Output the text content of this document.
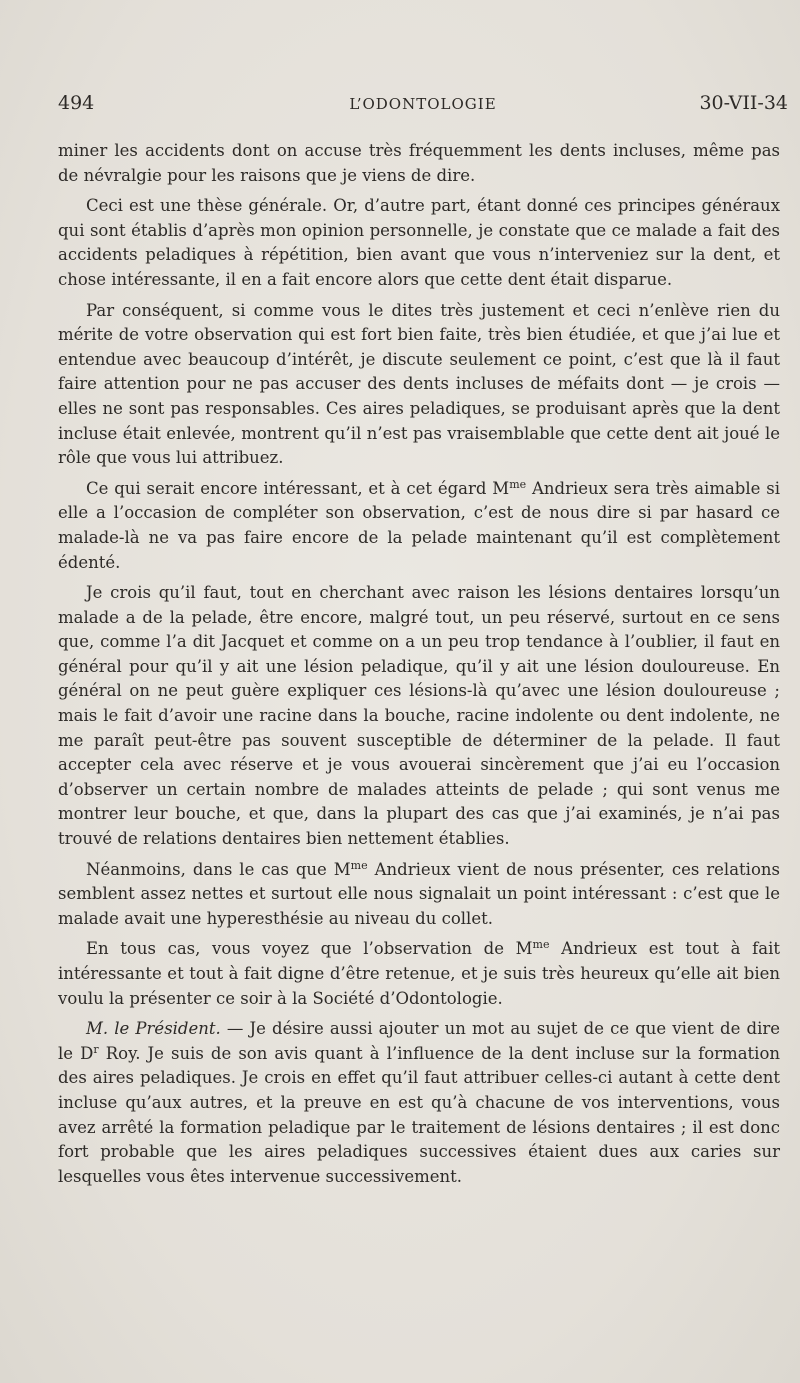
494	L’ODONTOLOGIE	30-VII-34

miner les accidents dont on accuse très fréquemment les dents incluses, même pas de névralgie pour les raisons que je viens de dire.

Ceci est une thèse générale. Or, d’autre part, étant donné ces principes généraux qui sont établis d’après mon opinion personnelle, je constate que ce malade a fait des accidents peladiques à répétition, bien avant que vous n’interveniez sur la dent, et chose intéressante, il en a fait encore alors que cette dent était disparue.

Par conséquent, si comme vous le dites très justement et ceci n’enlève rien du mérite de votre observation qui est fort bien faite, très bien étudiée, et que j’ai lue et entendue avec beaucoup d’intérêt, je discute seulement ce point, c’est que là il faut faire attention pour ne pas accuser des dents incluses de méfaits dont — je crois — elles ne sont pas responsables. Ces aires peladiques, se produisant après que la dent incluse était enlevée, montrent qu’il n’est pas vraisemblable que cette dent ait joué le rôle que vous lui attribuez.

Ce qui serait encore intéressant, et à cet égard $M^{me}$ Andrieux sera très aimable si elle a l’occasion de compléter son observation, c’est de nous dire si par hasard ce malade-là ne va pas faire encore de la pelade maintenant qu’il est complètement édenté.

Je crois qu’il faut, tout en cherchant avec raison les lésions dentaires lorsqu’un malade a de la pelade, être encore, malgré tout, un peu réservé, surtout en ce sens que, comme l’a dit Jacquet et comme on a un peu trop tendance à l’oublier, il faut en général pour qu’il y ait une lésion peladique, qu’il y ait une lésion douloureuse. En général on ne peut guère expliquer ces lésions-là qu’avec une lésion douloureuse ; mais le fait d’avoir une racine dans la bouche, racine indolente ou dent indolente, ne me paraît peut-être pas souvent susceptible de déterminer de la pelade. Il faut accepter cela avec réserve et je vous avouerai sincèrement que j’ai eu l’occasion d’observer un certain nombre de malades atteints de pelade ; qui sont venus me montrer leur bouche, et que, dans la plupart des cas que j’ai examinés, je n’ai pas trouvé de relations dentaires bien nettement établies.

Néanmoins, dans le cas que $M^{me}$ Andrieux vient de nous présenter, ces relations semblent assez nettes et surtout elle nous signalait un point intéressant : c’est que le malade avait une hyperesthésie au niveau du collet.

En tous cas, vous voyez que l’observation de $M^{me}$ Andrieux est tout à fait intéressante et tout à fait digne d’être retenue, et je suis très heureux qu’elle ait bien voulu la présenter ce soir à la Société d’Odontologie.

M. le Président. — Je désire aussi ajouter un mot au sujet de ce que vient de dire le $D^r$ Roy. Je suis de son avis quant à l’influence de la dent incluse sur la formation des aires peladiques. Je crois en effet qu’il faut attribuer celles-ci autant à cette dent incluse qu’aux autres, et la preuve en est qu’à chacune de vos interventions, vous avez arrêté la formation peladique par le traitement de lésions dentaires ; il est donc fort probable que les aires peladiques successives étaient dues aux caries sur lesquelles vous êtes intervenue successivement.
